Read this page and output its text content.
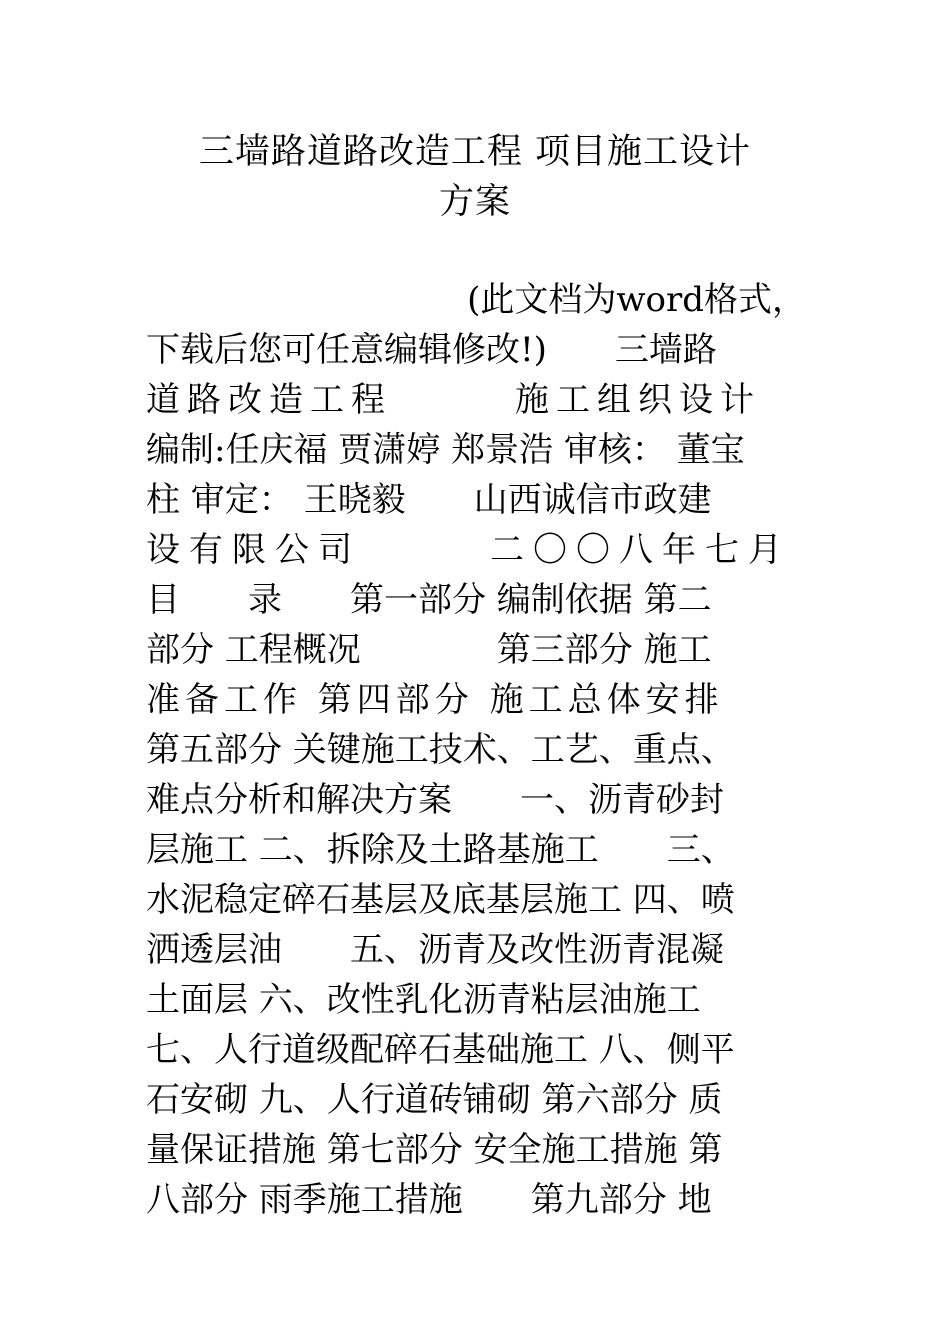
三墙路道路改造工程 项目施工设计
方案
(此文档为word格式，
下载后您可任意编辑修改!)　　三墙路
道路改造工程　　　施工组织设计
编制:任庆福 贾潇婷 郑景浩 审核： 董宝
柱 审定： 王晓毅　　山西诚信市政建
设有限公司　　　二〇〇八年七月
目　　录　　第一部分 编制依据 第二
部分 工程概况　　　　第三部分 施工
准备工作 第四部分 施工总体安排
第五部分 关键施工技术、工艺、重点、
难点分析和解决方案　　一、沥青砂封
层施工 二、拆除及土路基施工　　三、
水泥稳定碎石基层及底基层施工 四、喷
洒透层油　　五、沥青及改性沥青混凝
土面层 六、改性乳化沥青粘层油施工
七、人行道级配碎石基础施工 八、侧平
石安砌 九、人行道砖铺砌 第六部分 质
量保证措施 第七部分 安全施工措施 第
八部分 雨季施工措施　　第九部分 地
